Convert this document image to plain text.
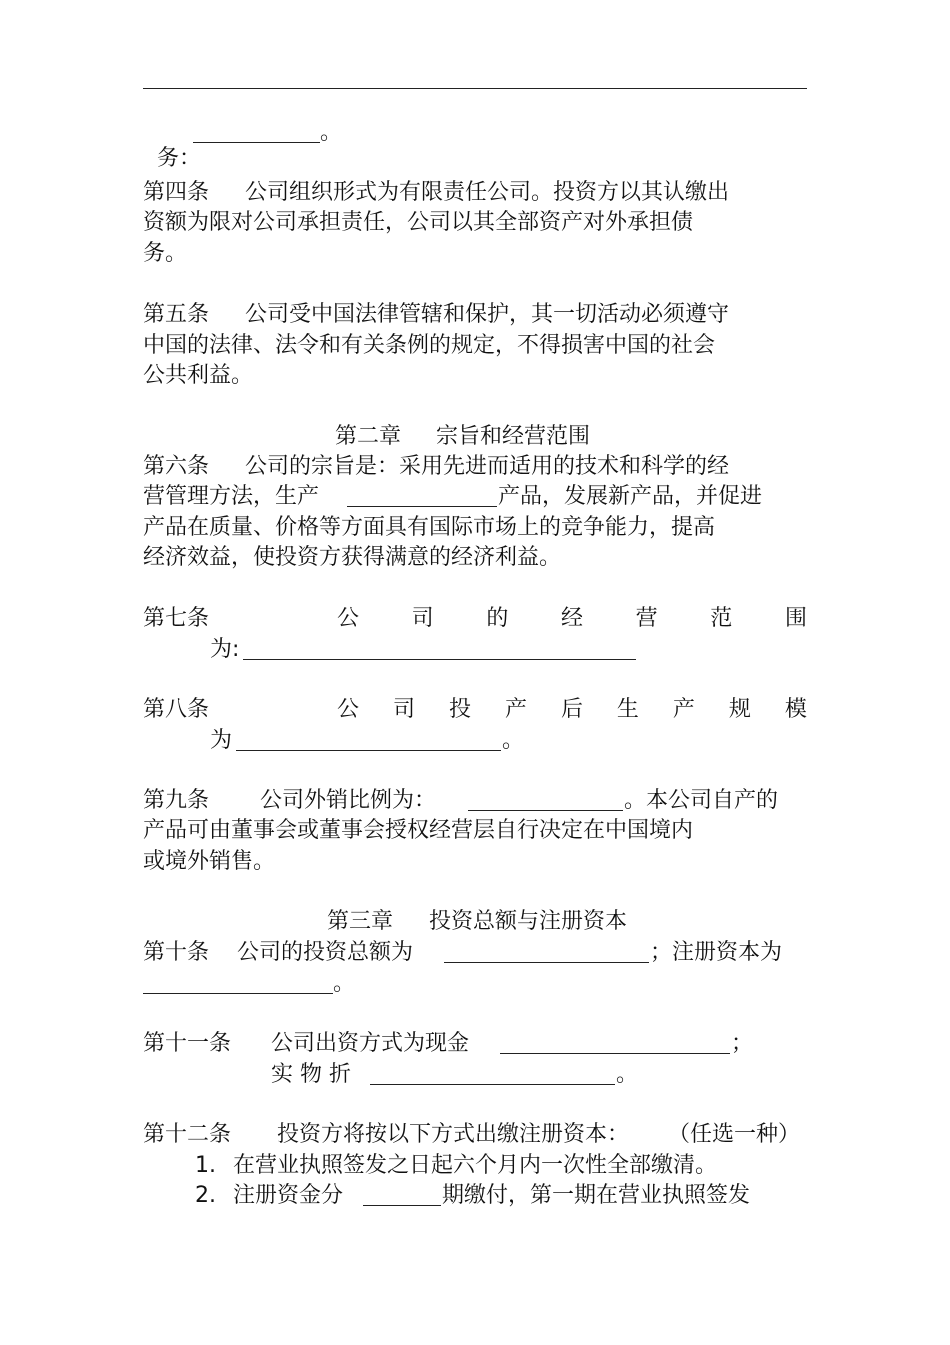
务：

。
第四条 公司组织形式为有限责任公司。投资方以其认缴出
资额为限对公司承担责任，公司以其全部资产对外承担债
务。
第五条 公司受中国法律管辖和保护，其一切活动必须遵守
中国的法律、法令和有关条例的规定，不得损害中国的社会
公共利益。
第二章 宗旨和经营范围
第六条 公司的宗旨是：采用先进而适用的技术和科学的经
营管理方法，生产	产品，发展新产品，并促进
产品在质量、价格等方面具有国际市场上的竞争能力，提高
经济效益，使投资方获得满意的经济利益。
第七条	公 司 的 经 营 范 围
为:
第八条	公 司 投 产 后 生 产 规 模
为	。
第九条 公司外销比例为：	。本公司自产的
产品可由董事会或董事会授权经营层自行决定在中国境内
或境外销售。
第三章 投资总额与注册资本
第十条 公司的投资总额为	；注册资本为
。
第十一条 公司出资方式为现金	；
实 物 折	。
第十二条 投资方将按以下方式出缴注册资本： （任选一种）
1. 在营业执照签发之日起六个月内一次性全部缴清。
2. 注册资金分	期缴付，第一期在营业执照签发
